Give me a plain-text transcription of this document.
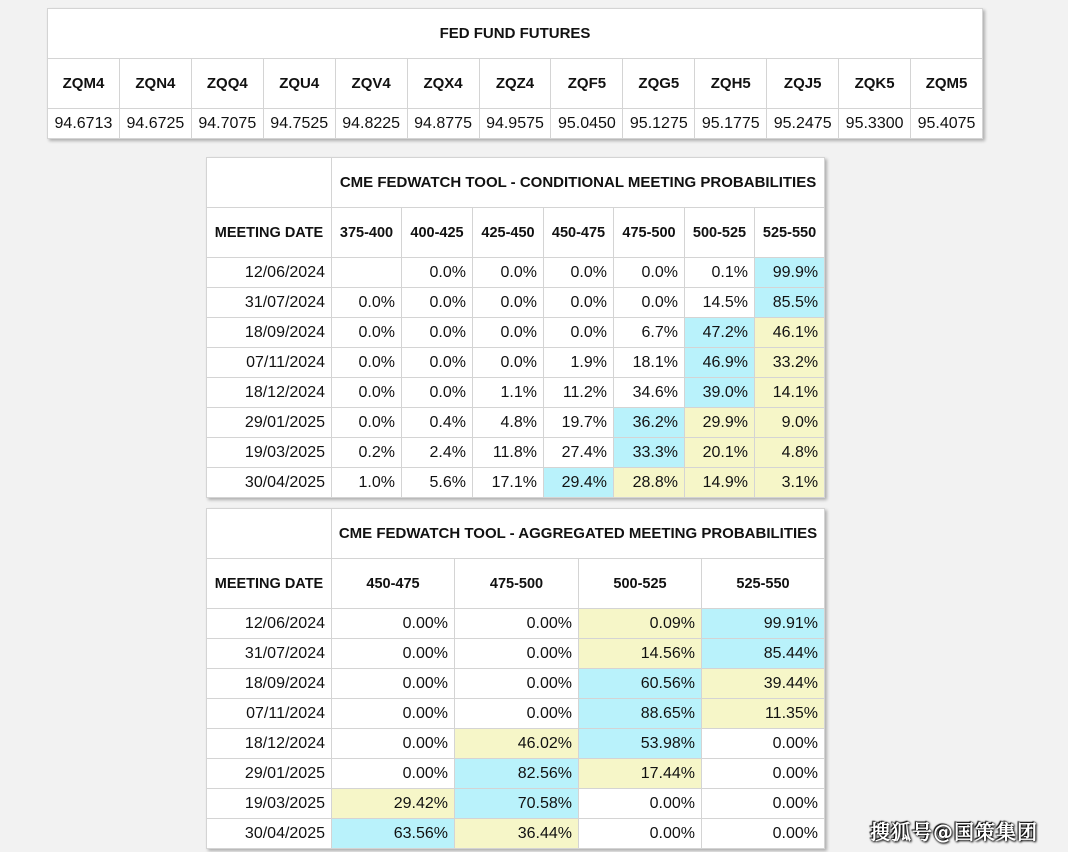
FED FUND FUTURES												
ZQM4	ZQN4	ZQQ4	ZQU4	ZQV4	ZQX4	ZQZ4	ZQF5	ZQG5	ZQH5	ZQJ5	ZQK5	ZQM5
94.6713	94.6725	94.7075	94.7525	94.8225	94.8775	94.9575	95.0450	95.1275	95.1775	95.2475	95.3300	95.4075
	CME FEDWATCH TOOL - CONDITIONAL MEETING PROBABILITIES						
MEETING DATE	375-400	400-425	425-450	450-475	475-500	500-525	525-550
12/06/2024		0.0%	0.0%	0.0%	0.0%	0.1%	99.9%
31/07/2024	0.0%	0.0%	0.0%	0.0%	0.0%	14.5%	85.5%
18/09/2024	0.0%	0.0%	0.0%	0.0%	6.7%	47.2%	46.1%
07/11/2024	0.0%	0.0%	0.0%	1.9%	18.1%	46.9%	33.2%
18/12/2024	0.0%	0.0%	1.1%	11.2%	34.6%	39.0%	14.1%
29/01/2025	0.0%	0.4%	4.8%	19.7%	36.2%	29.9%	9.0%
19/03/2025	0.2%	2.4%	11.8%	27.4%	33.3%	20.1%	4.8%
30/04/2025	1.0%	5.6%	17.1%	29.4%	28.8%	14.9%	3.1%
	CME FEDWATCH TOOL - AGGREGATED MEETING PROBABILITIES			
MEETING DATE	450-475	475-500	500-525	525-550
12/06/2024	0.00%	0.00%	0.09%	99.91%
31/07/2024	0.00%	0.00%	14.56%	85.44%
18/09/2024	0.00%	0.00%	60.56%	39.44%
07/11/2024	0.00%	0.00%	88.65%	11.35%
18/12/2024	0.00%	46.02%	53.98%	0.00%
29/01/2025	0.00%	82.56%	17.44%	0.00%
19/03/2025	29.42%	70.58%	0.00%	0.00%
30/04/2025	63.56%	36.44%	0.00%	0.00%	搜狐号@国策集团
